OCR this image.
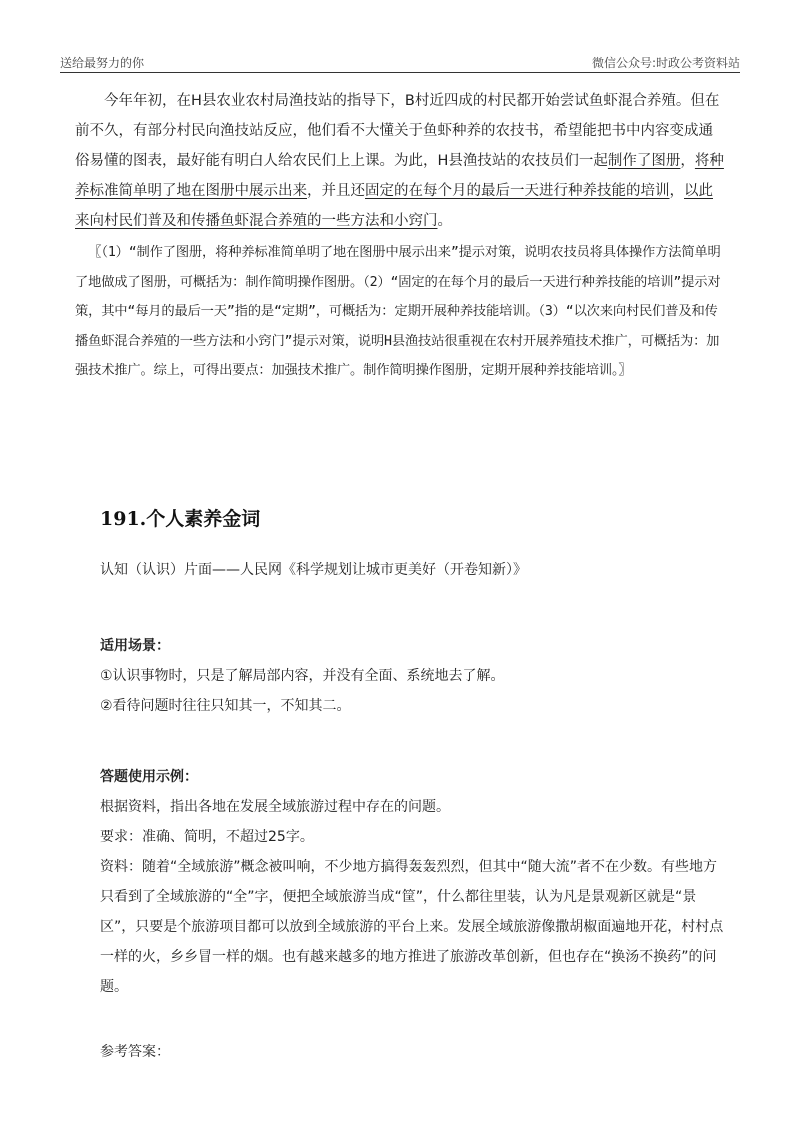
送给最努力的你	微信公众号:时政公考资料站

今年年初，在H县农业农村局渔技站的指导下，B村近四成的村民都开始尝试鱼虾混合养殖。但在前不久，有部分村民向渔技站反应，他们看不大懂关于鱼虾种养的农技书，希望能把书中内容变成通俗易懂的图表，最好能有明白人给农民们上上课。为此，H县渔技站的农技员们一起制作了图册，将种养标准简单明了地在图册中展示出来，并且还固定的在每个月的最后一天进行种养技能的培训，以此来向村民们普及和传播鱼虾混合养殖的一些方法和小窍门。

〖（1）“制作了图册，将种养标准简单明了地在图册中展示出来”提示对策，说明农技员将具体操作方法简单明了地做成了图册，可概括为：制作简明操作图册。（2）“固定的在每个月的最后一天进行种养技能的培训”提示对策，其中“每月的最后一天”指的是“定期”，可概括为：定期开展种养技能培训。（3）“以次来向村民们普及和传播鱼虾混合养殖的一些方法和小窍门”提示对策，说明H县渔技站很重视在农村开展养殖技术推广，可概括为：加强技术推广。综上，可得出要点：加强技术推广。制作简明操作图册，定期开展种养技能培训。〗

191.个人素养金词

认知（认识）片面——人民网《科学规划让城市更美好（开卷知新）》

适用场景：

①认识事物时，只是了解局部内容，并没有全面、系统地去了解。

②看待问题时往往只知其一，不知其二。

答题使用示例：

根据资料，指出各地在发展全域旅游过程中存在的问题。

要求：准确、简明，不超过25字。

资料：随着“全域旅游”概念被叫响，不少地方搞得轰轰烈烈，但其中“随大流”者不在少数。有些地方只看到了全域旅游的“全”字，便把全域旅游当成“筐”，什么都往里装，认为凡是景观新区就是“景区”，只要是个旅游项目都可以放到全域旅游的平台上来。发展全域旅游像撒胡椒面遍地开花，村村点一样的火，乡乡冒一样的烟。也有越来越多的地方推进了旅游改革创新，但也存在“换汤不换药”的问题。

参考答案：
